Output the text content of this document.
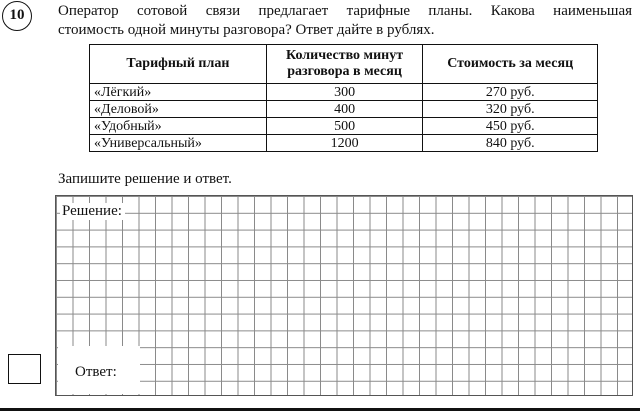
10	Оператор сотовой связи предлагает тарифные планы. Какова наименьшая
стоимость одной минуты разговора? Ответ дайте в рублях.
Тарифный план	Количество минут разговора в месяц	Стоимость за месяц
«Лёгкий»	300	270 руб.
«Деловой»	400	320 руб.
«Удобный»	500	450 руб.
«Универсальный»	1200	840 руб.
Запишите решение и ответ.
Решение:
Ответ:
